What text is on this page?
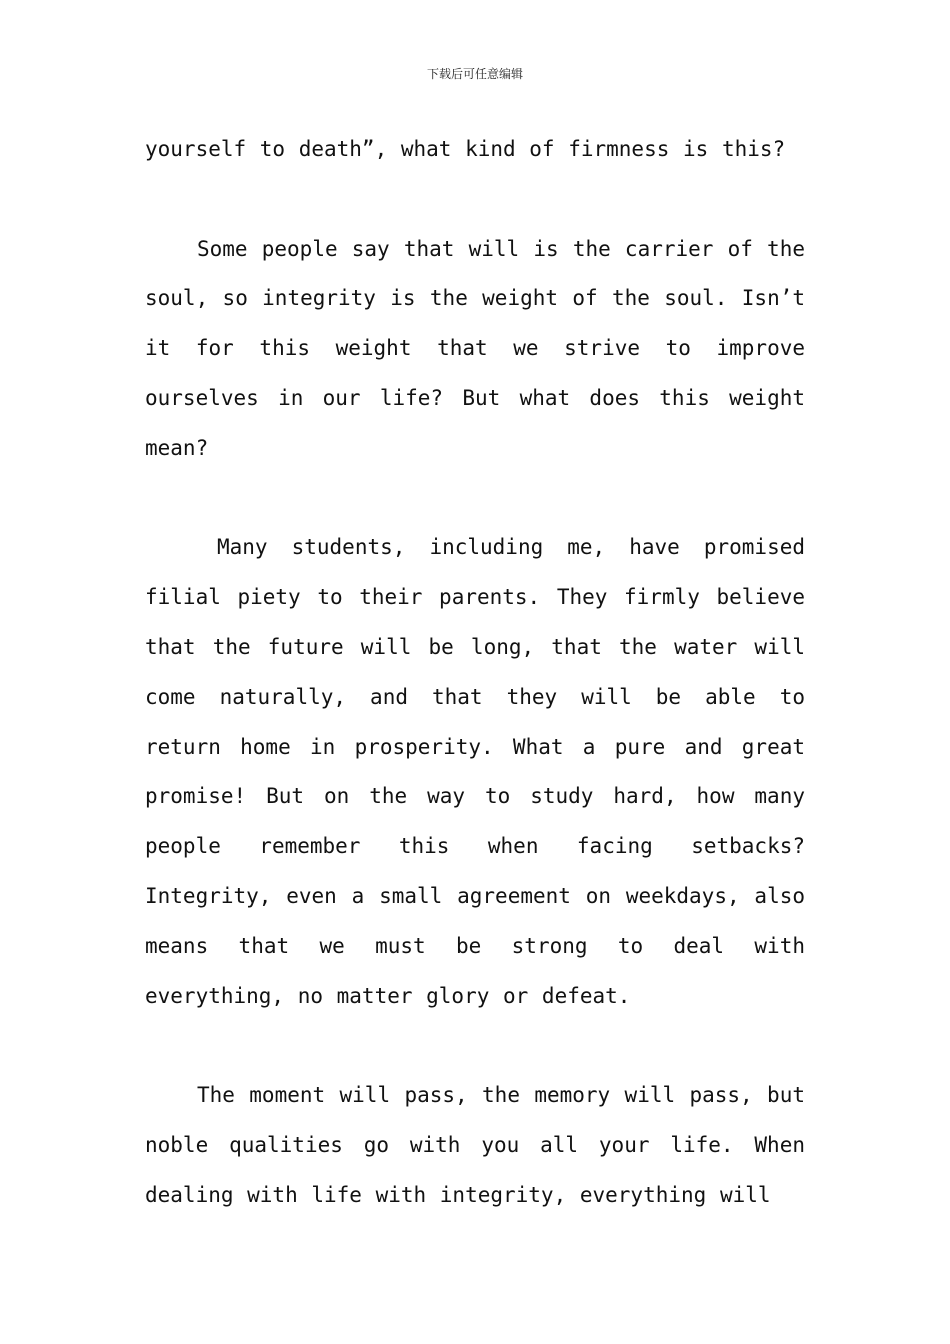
下载后可任意编辑

yourself to death”, what kind of firmness is this?

Some people say that will is the carrier of the soul, so integrity is the weight of the soul. Isn’t it for this weight that we strive to improve ourselves in our life? But what does this weight mean?

Many students, including me, have promised filial piety to their parents. They firmly believe that the future will be long, that the water will come naturally, and that they will be able to return home in prosperity. What a pure and great promise! But on the way to study hard, how many people remember this when facing setbacks? Integrity, even a small agreement on weekdays, also means that we must be strong to deal with everything, no matter glory or defeat.

The moment will pass, the memory will pass, but noble qualities go with you all your life. When dealing with life with integrity, everything will
